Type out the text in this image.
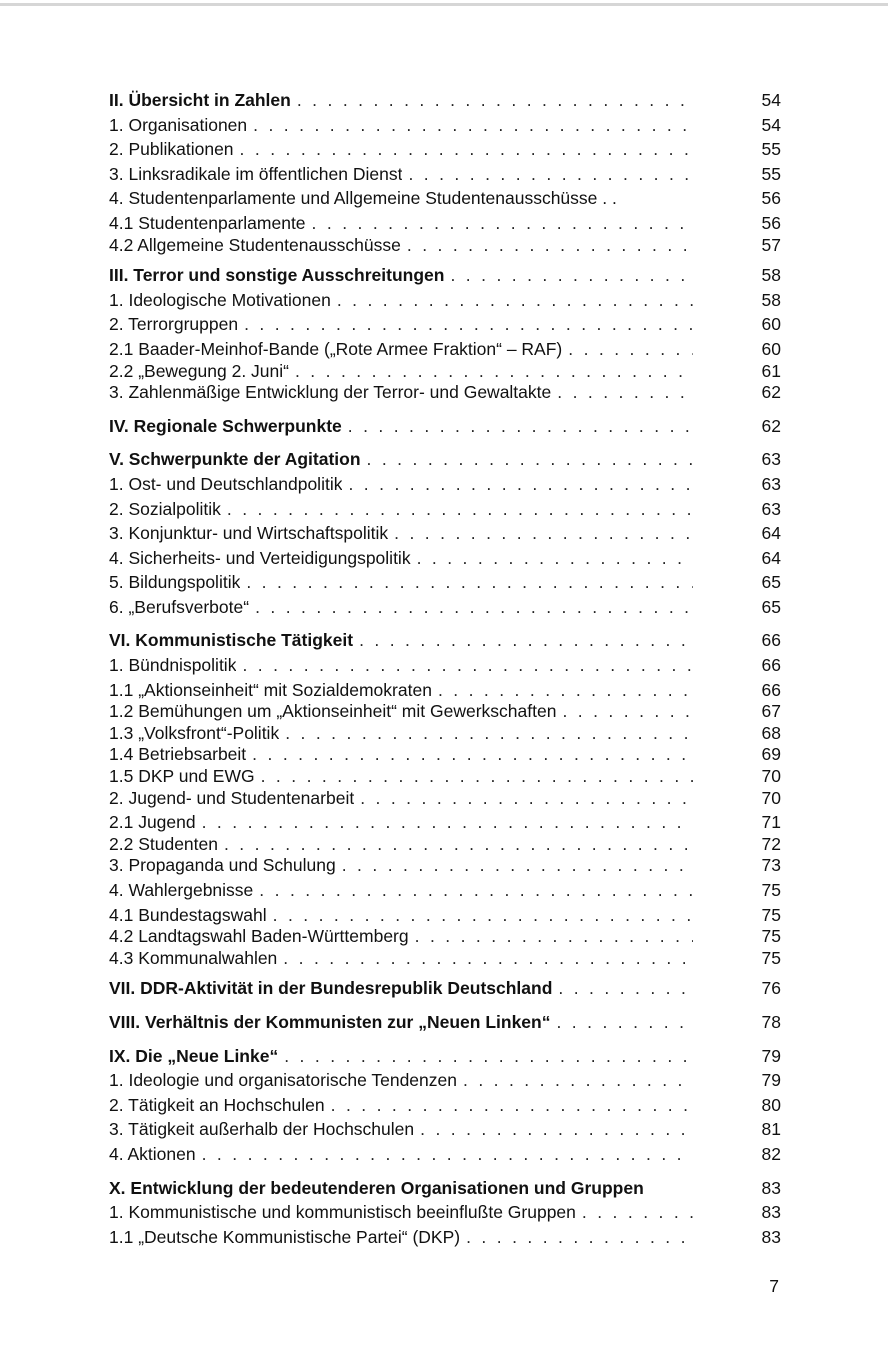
II. Übersicht in Zahlen . . .	54
1. Organisationen . . .	54
2. Publikationen . . .	55
3. Linksradikale im öffentlichen Dienst . . .	55
4. Studentenparlamente und Allgemeine Studentenausschüsse . .	56
4.1 Studentenparlamente . . .	56
4.2 Allgemeine Studentenausschüsse . . .	57
III. Terror und sonstige Ausschreitungen . . .	58
1. Ideologische Motivationen . . .	58
2. Terrorgruppen . . .	60
2.1 Baader-Meinhof-Bande („Rote Armee Fraktion“ – RAF) . . .	60
2.2 „Bewegung 2. Juni“ . . .	61
3. Zahlenmäßige Entwicklung der Terror- und Gewaltakte . . .	62
IV. Regionale Schwerpunkte . . .	62
V. Schwerpunkte der Agitation . . .	63
1. Ost- und Deutschlandpolitik . . .	63
2. Sozialpolitik . . .	63
3. Konjunktur- und Wirtschaftspolitik . . .	64
4. Sicherheits- und Verteidigungspolitik . . .	64
5. Bildungspolitik . . .	65
6. „Berufsverbote“ . . .	65
VI. Kommunistische Tätigkeit . . .	66
1. Bündnispolitik . . .	66
1.1 „Aktionseinheit“ mit Sozialdemokraten . . .	66
1.2 Bemühungen um „Aktionseinheit“ mit Gewerkschaften . . .	67
1.3 „Volksfront“-Politik . . .	68
1.4 Betriebsarbeit . . .	69
1.5 DKP und EWG . . .	70
2. Jugend- und Studentenarbeit . . .	70
2.1 Jugend . . .	71
2.2 Studenten . . .	72
3. Propaganda und Schulung . . .	73
4. Wahlergebnisse . . .	75
4.1 Bundestagswahl . . .	75
4.2 Landtagswahl Baden-Württemberg . . .	75
4.3 Kommunalwahlen . . .	75
VII. DDR-Aktivität in der Bundesrepublik Deutschland . . .	76
VIII. Verhältnis der Kommunisten zur „Neuen Linken“ . . .	78
IX. Die „Neue Linke“ . . .	79
1. Ideologie und organisatorische Tendenzen . . .	79
2. Tätigkeit an Hochschulen . . .	80
3. Tätigkeit außerhalb der Hochschulen . . .	81
4. Aktionen . . .	82
X. Entwicklung der bedeutenderen Organisationen und Gruppen	83
1. Kommunistische und kommunistisch beeinflußte Gruppen . . .	83
1.1 „Deutsche Kommunistische Partei“ (DKP) . . .	83
7
